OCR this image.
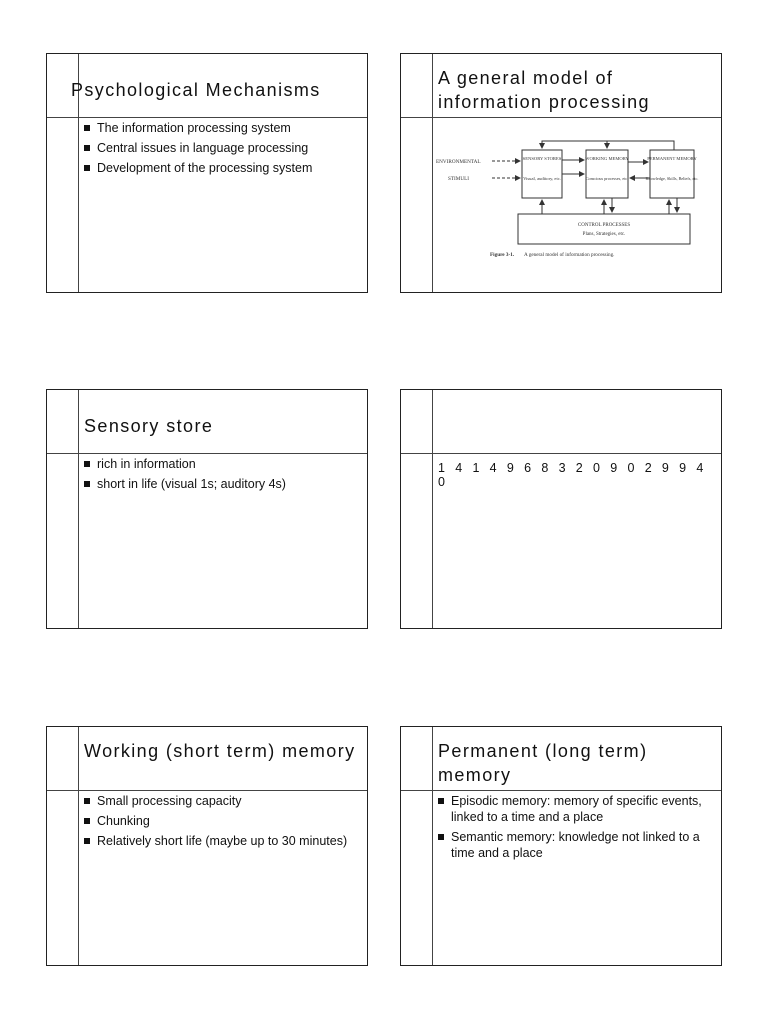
Psychological Mechanisms
The information processing system
Central issues in language processing
Development of the processing system
A general model of information processing
ENVIRONMENTAL
STIMULI
SENSORY STORES
Visual, auditory, etc.
WORKING MEMORY
Conscious processes, etc.
PERMANENT MEMORY
Knowledge, Skills, Beliefs, etc.
CONTROL PROCESSES
Plans, Strategies, etc.
Figure 3-1. A general model of information processing.
Sensory store
rich in information
short in life (visual 1s; auditory 4s)
1 4 1 4 9 6 8 3 2 0 9 0 2 9 9 4 0
Working (short term) memory
Small processing capacity
Chunking
Relatively short life (maybe up to 30 minutes)
Permanent (long term) memory
Episodic memory: memory of specific events, linked to a time and a place
Semantic memory: knowledge not linked to a time and a place
